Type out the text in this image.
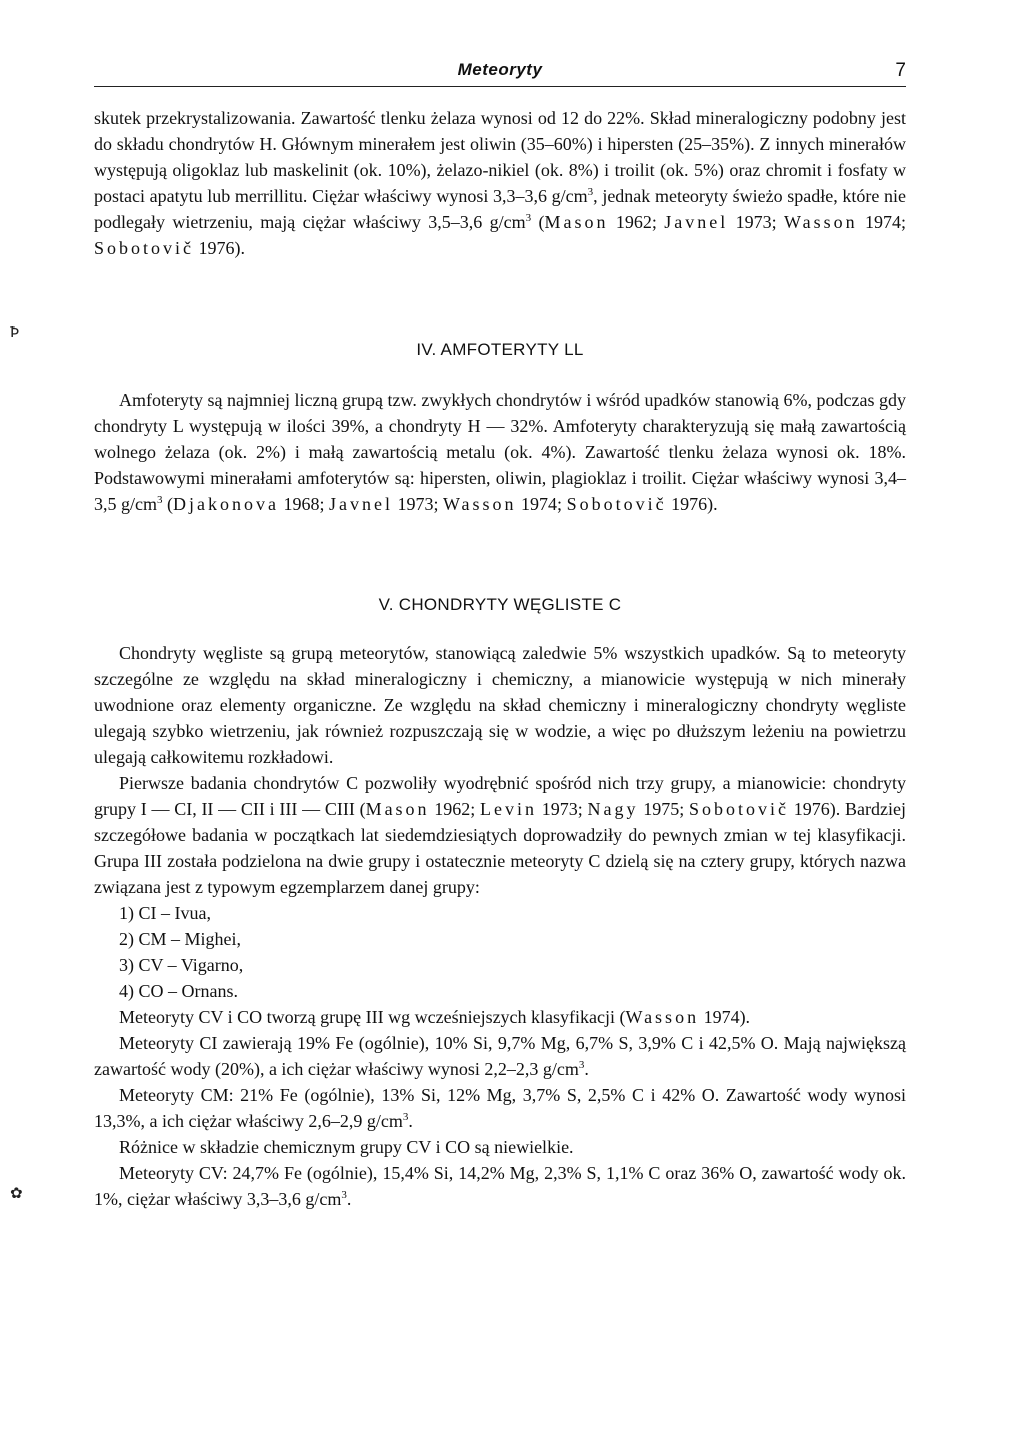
Meteoryty	7
Ꝥ
✿

skutek przekrystalizowania. Zawartość tlenku żelaza wynosi od 12 do 22%. Skład mineralogiczny podobny jest do składu chondrytów H. Głównym minerałem jest oliwin (35–60%) i hipersten (25–35%). Z innych minerałów występują oligoklaz lub maskelinit (ok. 10%), żelazo-nikiel (ok. 8%) i troilit (ok. 5%) oraz chromit i fosfaty w postaci apatytu lub merrillitu. Ciężar właściwy wynosi 3,3–3,6 $g/cm^3$, jednak meteoryty świeżo spadłe, które nie podlegały wietrzeniu, mają ciężar właściwy 3,5–3,6 $g/cm^3$ (Mason 1962; Javnel 1973; Wasson 1974; Sobotovič 1976).

IV. AMFOTERYTY LL

Amfoteryty są najmniej liczną grupą tzw. zwykłych chondrytów i wśród upadków stanowią 6%, podczas gdy chondryty L występują w ilości 39%, a chondryty H — 32%. Amfoteryty charakteryzują się małą zawartością wolnego żelaza (ok. 2%) i małą zawartością metalu (ok. 4%). Zawartość tlenku żelaza wynosi ok. 18%. Podstawowymi minerałami amfoterytów są: hipersten, oliwin, plagioklaz i troilit. Ciężar właściwy wynosi 3,4–3,5 $g/cm^3$ (Djakonova 1968; Javnel 1973; Wasson 1974; Sobotovič 1976).

V. CHONDRYTY WĘGLISTE C

Chondryty węgliste są grupą meteorytów, stanowiącą zaledwie 5% wszystkich upadków. Są to meteoryty szczególne ze względu na skład mineralogiczny i chemiczny, a mianowicie występują w nich minerały uwodnione oraz elementy organiczne. Ze względu na skład chemiczny i mineralogiczny chondryty węgliste ulegają szybko wietrzeniu, jak również rozpuszczają się w wodzie, a więc po dłuższym leżeniu na powietrzu ulegają całkowitemu rozkładowi.

Pierwsze badania chondrytów C pozwoliły wyodrębnić spośród nich trzy grupy, a mianowicie: chondryty grupy I — CI, II — CII i III — CIII (Mason 1962; Levin 1973; Nagy 1975; Sobotovič 1976). Bardziej szczegółowe badania w początkach lat siedemdziesiątych doprowadziły do pewnych zmian w tej klasyfikacji. Grupa III została podzielona na dwie grupy i ostatecznie meteoryty C dzielą się na cztery grupy, których nazwa związana jest z typowym egzemplarzem danej grupy:

1) CI – Ivua,
2) CM – Mighei,
3) CV – Vigarno,
4) CO – Ornans.

Meteoryty CV i CO tworzą grupę III wg wcześniejszych klasyfikacji (Wasson 1974).

Meteoryty CI zawierają 19% Fe (ogólnie), 10% Si, 9,7% Mg, 6,7% S, 3,9% C i 42,5% O. Mają największą zawartość wody (20%), a ich ciężar właściwy wynosi 2,2–2,3 $g/cm^3$.

Meteoryty CM: 21% Fe (ogólnie), 13% Si, 12% Mg, 3,7% S, 2,5% C i 42% O. Zawartość wody wynosi 13,3%, a ich ciężar właściwy 2,6–2,9 $g/cm^3$.

Różnice w składzie chemicznym grupy CV i CO są niewielkie.

Meteoryty CV: 24,7% Fe (ogólnie), 15,4% Si, 14,2% Mg, 2,3% S, 1,1% C oraz 36% O, zawartość wody ok. 1%, ciężar właściwy 3,3–3,6 $g/cm^3$.
